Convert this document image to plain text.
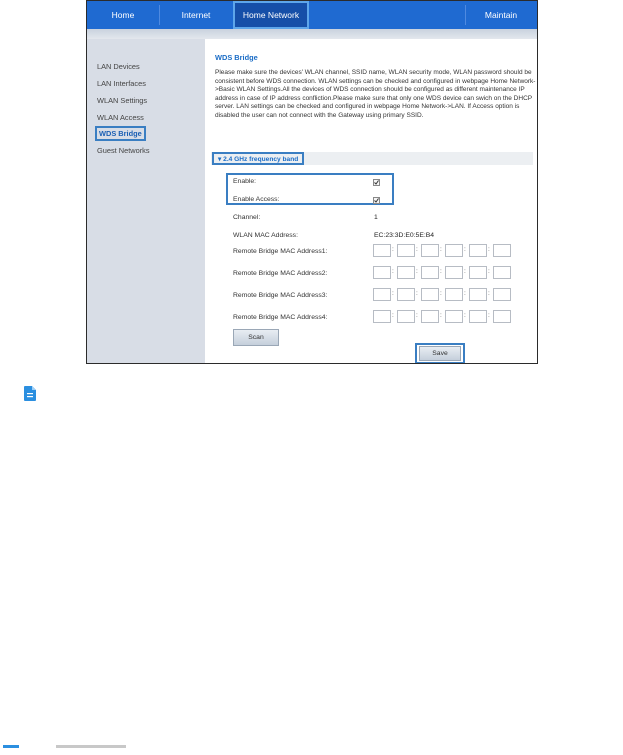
Home	Internet	Home Network	Maintain
LAN Devices
LAN Interfaces
WLAN Settings
WLAN Access
WDS Bridge
Guest Networks
WDS Bridge
Please make sure the devices' WLAN channel, SSID name, WLAN security mode, WLAN password should be consistent before WDS connection. WLAN settings can be checked and configured in webpage Home Network->Basic WLAN Settings.All the devices of WDS connection should be configured as different maintenance IP address in case of IP address confliction.Please make sure that only one WDS device can swich on the DHCP server. LAN settings can be checked and configured in webpage Home Network->LAN. If Access option is disabled the user can not connect with the Gateway using primary SSID.
▾ 2.4 GHz frequency band
Enable:
Enable Access:
Channel:	1
WLAN MAC Address:	EC:23:3D:E0:5E:B4
Remote Bridge MAC Address1:	:	:	:	:	:
Remote Bridge MAC Address2:	:	:	:	:	:
Remote Bridge MAC Address3:	:	:	:	:	:
Remote Bridge MAC Address4:	:	:	:	:	:
Scan
Save
